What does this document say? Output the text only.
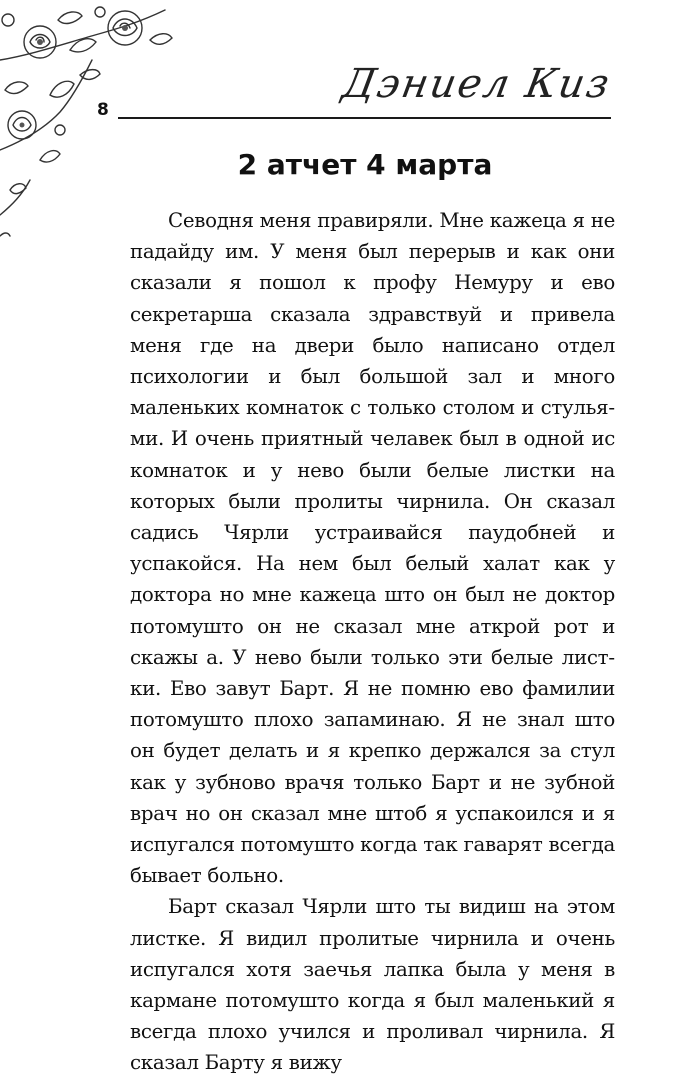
8
Дэниел Киз
2 атчет 4 марта

Севодня меня правиряли. Мне кажеца я не падайду им. У меня был перерыв и как они сказали я пошол к профу Немуру и ево секретарша сказала здравствуй и привела меня где на двери было написано отдел психологии и был большой зал и много маленьких комнаток с только столом и стульями. И очень приятный челавек был в одной ис комнаток и у нево были белые листки на которых были пролиты чирнила. Он сказал садись Чярли устраивайся паудобней и успакойся. На нем был белый халат как у доктора но мне кажеца што он был не доктор потомушто он не сказал мне аткрой рот и скажы а. У нево были только эти белые листки. Ево завут Барт. Я не помню ево фамилии потомушто плохо запаминаю. Я не знал што он будет делать и я крепко держался за стул как у зубново врачя только Барт и не зубной врач но он сказал мне штоб я успакоился и я испугался потомушто когда так гаварят всегда бывает больно.

Барт сказал Чярли што ты видиш на этом листке. Я видил пролитые чирнила и очень испугался хотя заечья лапка была у меня в кармане потомушто когда я был маленький я всегда плохо учился и проливал чирнила. Я сказал Барту я вижу
